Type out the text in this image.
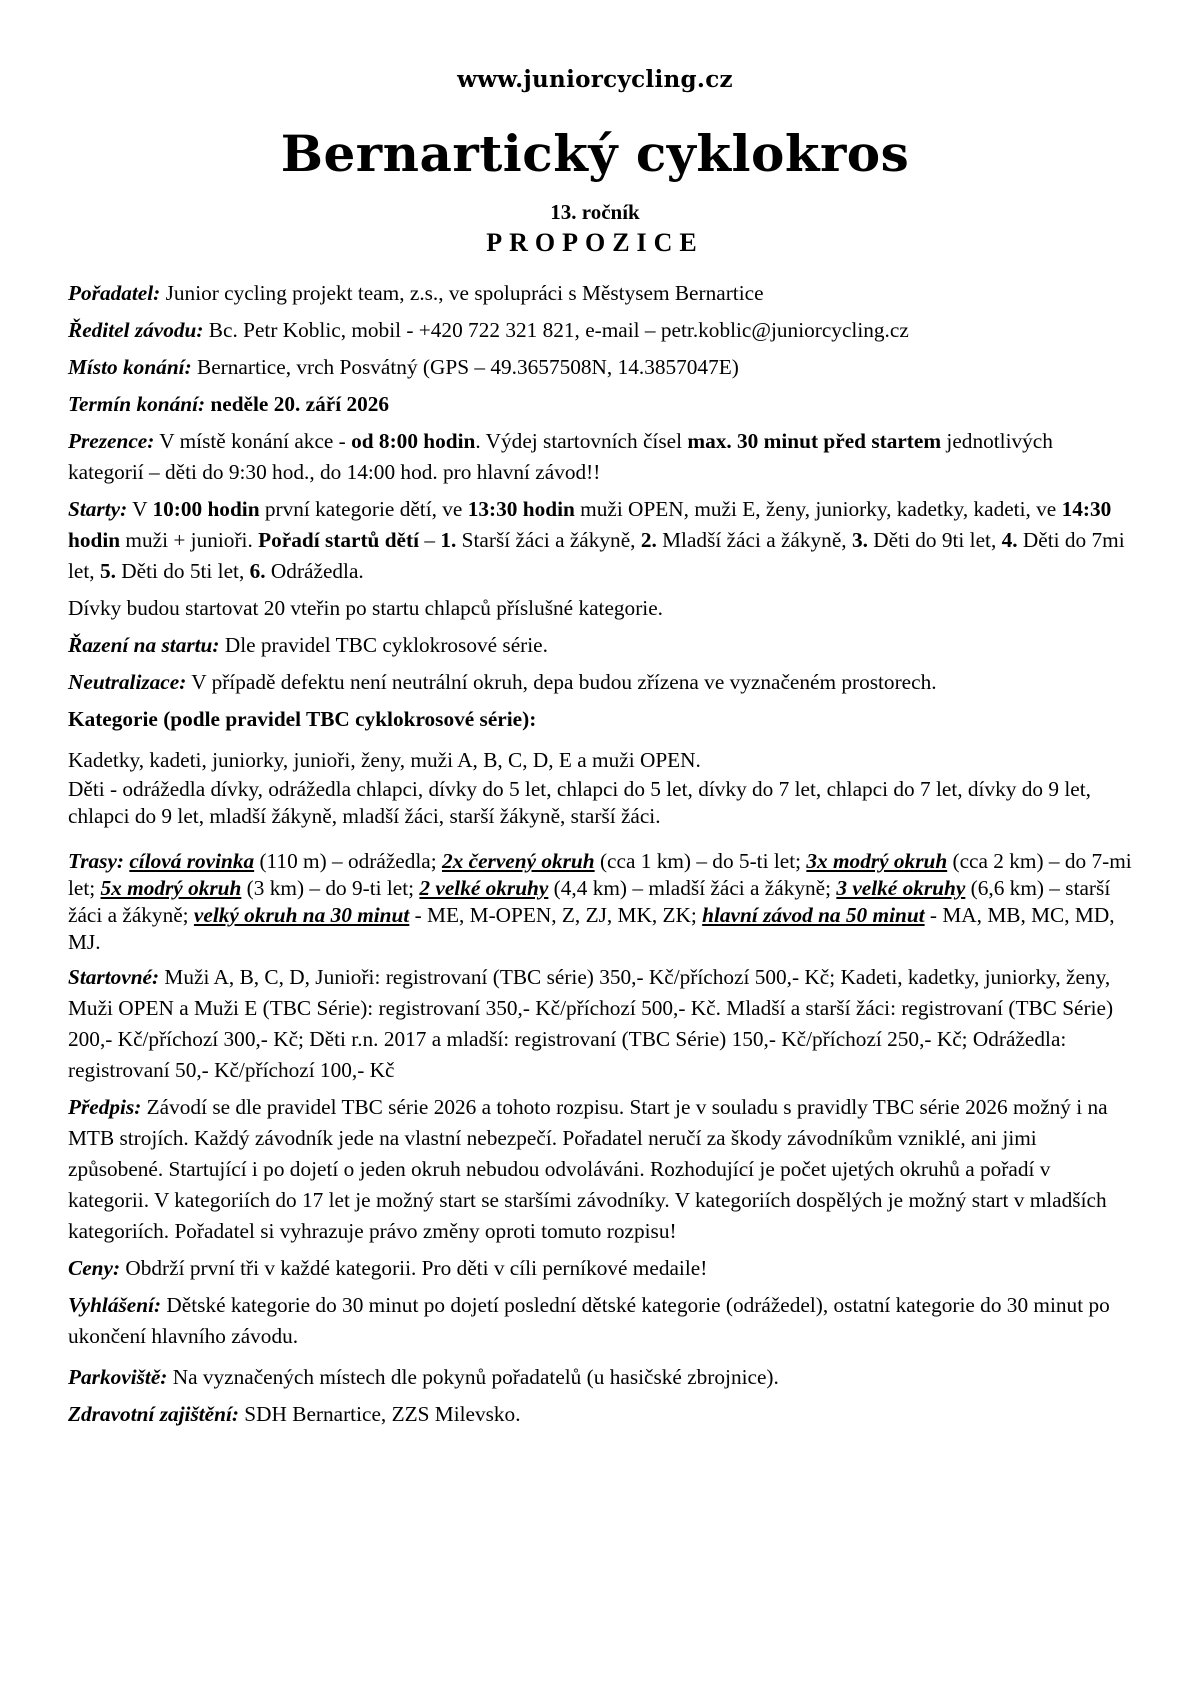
www.juniorcycling.cz
Bernartický cyklokros
13. ročník
PROPOZICE

Pořadatel: Junior cycling projekt team, z.s., ve spolupráci s Městysem Bernartice

Ředitel závodu: Bc. Petr Koblic, mobil - +420 722 321 821, e-mail – petr.koblic@juniorcycling.cz

Místo konání: Bernartice, vrch Posvátný (GPS – 49.3657508N, 14.3857047E)

Termín konání: neděle 20. září 2026

Prezence: V místě konání akce - od 8:00 hodin. Výdej startovních čísel max. 30 minut před startem jednotlivých kategorií – děti do 9:30 hod., do 14:00 hod. pro hlavní závod!!

Starty: V 10:00 hodin první kategorie dětí, ve 13:30 hodin muži OPEN, muži E, ženy, juniorky, kadetky, kadeti, ve 14:30 hodin muži + junioři. Pořadí startů dětí – 1. Starší žáci a žákyně, 2. Mladší žáci a žákyně, 3. Děti do 9ti let, 4. Děti do 7mi let, 5. Děti do 5ti let, 6. Odrážedla.

Dívky budou startovat 20 vteřin po startu chlapců příslušné kategorie.

Řazení na startu: Dle pravidel TBC cyklokrosové série.

Neutralizace: V případě defektu není neutrální okruh, depa budou zřízena ve vyznačeném prostorech.

Kategorie (podle pravidel TBC cyklokrosové série):

Kadetky, kadeti, juniorky, junioři, ženy, muži A, B, C, D, E a muži OPEN.

Děti - odrážedla dívky, odrážedla chlapci, dívky do 5 let, chlapci do 5 let, dívky do 7 let, chlapci do 7 let, dívky do 9 let, chlapci do 9 let, mladší žákyně, mladší žáci, starší žákyně, starší žáci.

Trasy: cílová rovinka (110 m) – odrážedla; 2x červený okruh (cca 1 km) – do 5-ti let; 3x modrý okruh (cca 2 km) – do 7-mi let; 5x modrý okruh (3 km) – do 9-ti let; 2 velké okruhy (4,4 km) – mladší žáci a žákyně; 3 velké okruhy (6,6 km) – starší žáci a žákyně; velký okruh na 30 minut - ME, M-OPEN, Z, ZJ, MK, ZK; hlavní závod na 50 minut - MA, MB, MC, MD, MJ.

Startovné: Muži A, B, C, D, Junioři: registrovaní (TBC série) 350,- Kč/příchozí 500,- Kč; Kadeti, kadetky, juniorky, ženy, Muži OPEN a Muži E (TBC Série): registrovaní 350,- Kč/příchozí 500,- Kč. Mladší a starší žáci: registrovaní (TBC Série) 200,- Kč/příchozí 300,- Kč; Děti r.n. 2017 a mladší: registrovaní (TBC Série) 150,- Kč/příchozí 250,- Kč; Odrážedla: registrovaní 50,- Kč/příchozí 100,- Kč

Předpis: Závodí se dle pravidel TBC série 2026 a tohoto rozpisu. Start je v souladu s pravidly TBC série 2026 možný i na MTB strojích. Každý závodník jede na vlastní nebezpečí. Pořadatel neručí za škody závodníkům vzniklé, ani jimi způsobené. Startující i po dojetí o jeden okruh nebudou odvoláváni. Rozhodující je počet ujetých okruhů a pořadí v kategorii. V kategoriích do 17 let je možný start se staršími závodníky. V kategoriích dospělých je možný start v mladších kategoriích. Pořadatel si vyhrazuje právo změny oproti tomuto rozpisu!

Ceny: Obdrží první tři v každé kategorii. Pro děti v cíli perníkové medaile!

Vyhlášení: Dětské kategorie do 30 minut po dojetí poslední dětské kategorie (odrážedel), ostatní kategorie do 30 minut po ukončení hlavního závodu.

Parkoviště: Na vyznačených místech dle pokynů pořadatelů (u hasičské zbrojnice).

Zdravotní zajištění: SDH Bernartice, ZZS Milevsko.
